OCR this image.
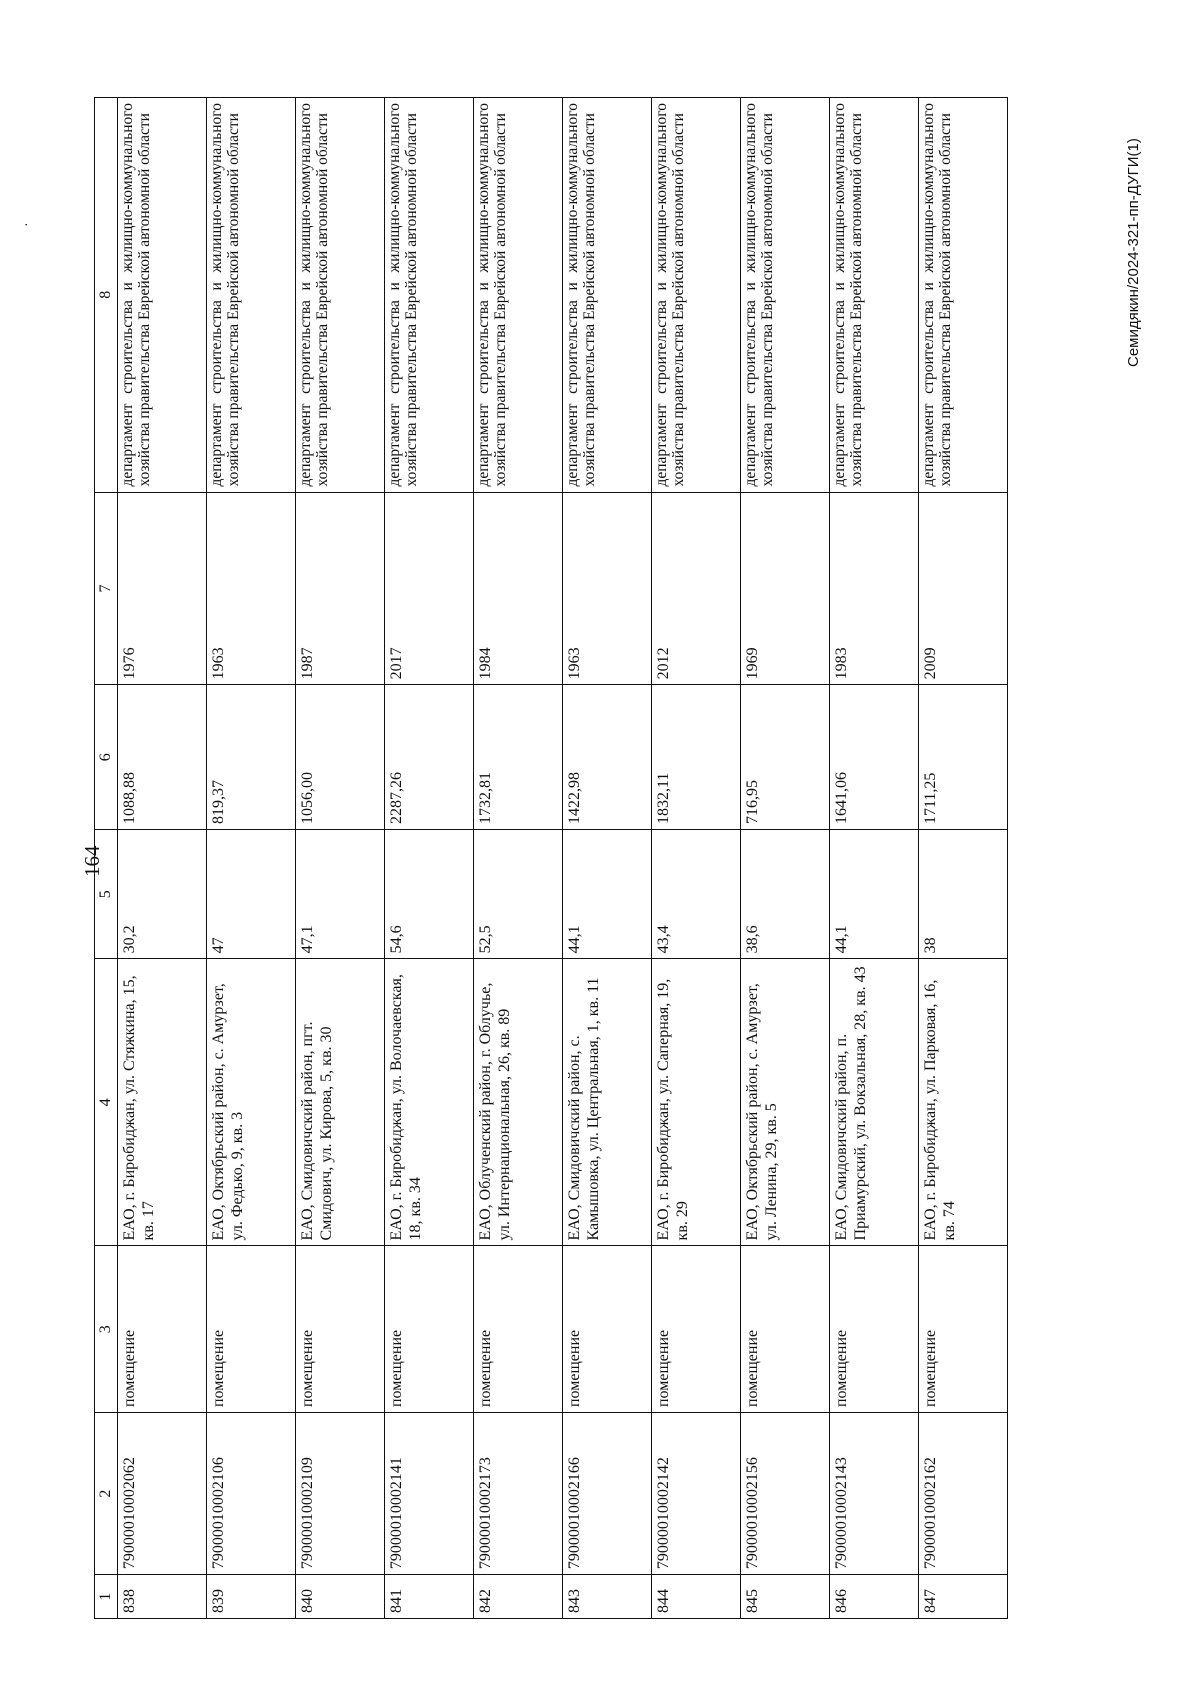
·
164
1	2	3	4	5	6	7	8
838	79000010002062	помещение	ЕАО, г. Биробиджан, ул. Стяжкина, 15, кв. 17	30,2	1088,88	1976	департамент строительства и жилищно-коммунального хозяйства правительства Еврейской автономной области
839	79000010002106	помещение	ЕАО, Октябрьский район, с. Амурзет, ул. Федько, 9, кв. 3	47	819,37	1963	департамент строительства и жилищно-коммунального хозяйства правительства Еврейской автономной области
840	79000010002109	помещение	ЕАО, Смидовичский район, пгт. Смидович, ул. Кирова, 5, кв. 30	47,1	1056,00	1987	департамент строительства и жилищно-коммунального хозяйства правительства Еврейской автономной области
841	79000010002141	помещение	ЕАО, г. Биробиджан, ул. Волочаевская, 18, кв. 34	54,6	2287,26	2017	департамент строительства и жилищно-коммунального хозяйства правительства Еврейской автономной области
842	79000010002173	помещение	ЕАО, Облученский район, г. Облучье, ул. Интернациональная, 26, кв. 89	52,5	1732,81	1984	департамент строительства и жилищно-коммунального хозяйства правительства Еврейской автономной области
843	79000010002166	помещение	ЕАО, Смидовичский район, с. Камышовка, ул. Центральная, 1, кв. 11	44,1	1422,98	1963	департамент строительства и жилищно-коммунального хозяйства правительства Еврейской автономной области
844	79000010002142	помещение	ЕАО, г. Биробиджан, ул. Саперная, 19, кв. 29	43,4	1832,11	2012	департамент строительства и жилищно-коммунального хозяйства правительства Еврейской автономной области
845	79000010002156	помещение	ЕАО, Октябрьский район, с. Амурзет, ул. Ленина, 29, кв. 5	38,6	716,95	1969	департамент строительства и жилищно-коммунального хозяйства правительства Еврейской автономной области
846	79000010002143	помещение	ЕАО, Смидовичский район, п. Приамурский, ул. Вокзальная, 28, кв. 43	44,1	1641,06	1983	департамент строительства и жилищно-коммунального хозяйства правительства Еврейской автономной области
847	79000010002162	помещение	ЕАО, г. Биробиджан, ул. Парковая, 16, кв. 74	38	1711,25	2009	департамент строительства и жилищно-коммунального хозяйства правительства Еврейской автономной области	Семидякин/2024-321-пп-ДУГИ(1)
